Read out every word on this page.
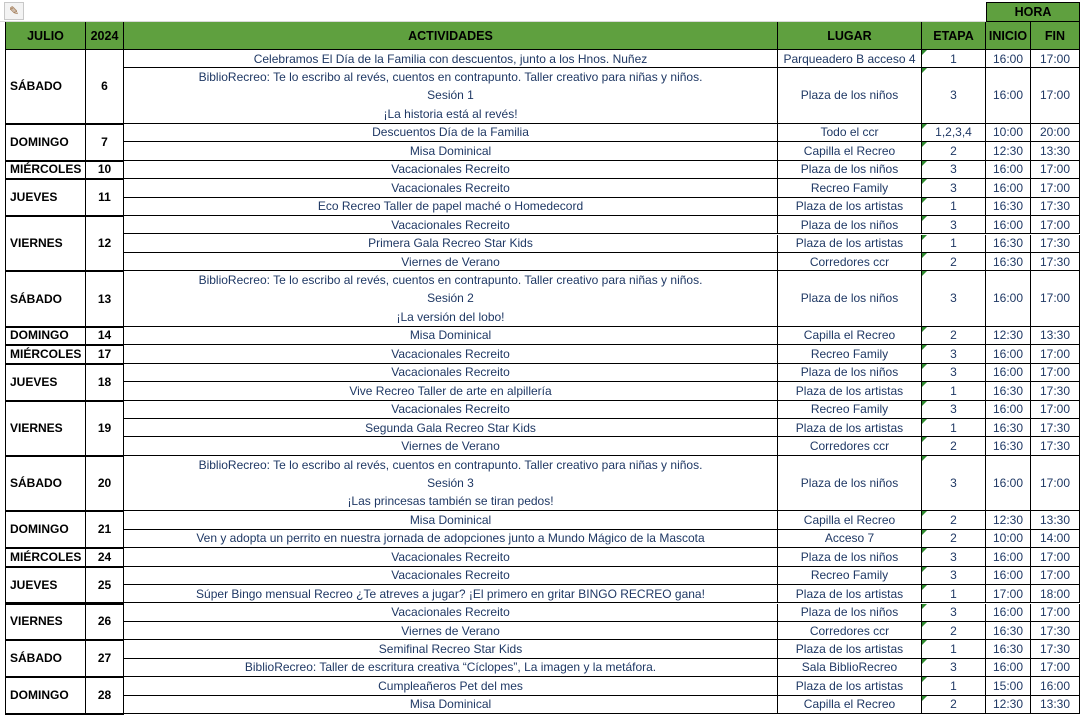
✎	HORA
JULIO 2024	ACTIVIDADES	LUGAR	ETAPA INICIO FIN
SÁBADO	6
Celebramos El Día de la Familia con descuentos, junto a los Hnos. Nuñez	Parqueadero B acceso 4	1	16:00 17:00
BiblioRecreo: Te lo escribo al revés, cuentos en contrapunto. Taller creativo para niñas y niños.
Sesión 1
¡La historia está al revés!
Plaza de los niños	3	16:00 17:00
DOMINGO	7
Descuentos Día de la Familia	Todo el ccr	1,2,3,4 10:00 20:00
Misa Dominical	Capilla el Recreo	2	12:30 13:30
MIÉRCOLES 10	Vacacionales Recreito	Plaza de los niños	3	16:00 17:00
JUEVES	11
Vacacionales Recreito	Recreo Family	3	16:00 17:00
Eco Recreo Taller de papel maché o Homedecord	Plaza de los artistas	1	16:30 17:30
VIERNES	12
Vacacionales Recreito	Plaza de los niños	3	16:00 17:00
Primera Gala Recreo Star Kids	Plaza de los artistas	1	16:30 17:30
Viernes de Verano	Corredores ccr	2	16:30 17:30
SÁBADO	13
BiblioRecreo: Te lo escribo al revés, cuentos en contrapunto. Taller creativo para niñas y niños.
Sesión 2
¡La versión del lobo!
Plaza de los niños	3	16:00 17:00
DOMINGO 14	Misa Dominical	Capilla el Recreo	2	12:30 13:30
MIÉRCOLES 17	Vacacionales Recreito	Recreo Family	3	16:00 17:00
JUEVES	18
Vacacionales Recreito	Plaza de los niños	3	16:00 17:00
Vive Recreo Taller de arte en alpillería	Plaza de los artistas	1	16:30 17:30
VIERNES	19
Vacacionales Recreito	Recreo Family	3	16:00 17:00
Segunda Gala Recreo Star Kids	Plaza de los artistas	1	16:30 17:30
Viernes de Verano	Corredores ccr	2	16:30 17:30
SÁBADO	20
BiblioRecreo: Te lo escribo al revés, cuentos en contrapunto. Taller creativo para niñas y niños.
Sesión 3
¡Las princesas también se tiran pedos!
Plaza de los niños	3	16:00 17:00
DOMINGO 21
Misa Dominical	Capilla el Recreo	2	12:30 13:30
Ven y adopta un perrito en nuestra jornada de adopciones junto a Mundo Mágico de la Mascota	Acceso 7	2	10:00 14:00
MIÉRCOLES 24	Vacacionales Recreito	Plaza de los niños	3	16:00 17:00
JUEVES	25
Vacacionales Recreito	Recreo Family	3	16:00 17:00
Súper Bingo mensual Recreo ¿Te atreves a jugar? ¡El primero en gritar BINGO RECREO gana!	Plaza de los artistas	1	17:00 18:00
VIERNES	26
Vacacionales Recreito	Plaza de los niños	3	16:00 17:00
Viernes de Verano	Corredores ccr	2	16:30 17:30
SÁBADO	27
Semifinal Recreo Star Kids	Plaza de los artistas	1	16:30 17:30
BiblioRecreo: Taller de escritura creativa “Cíclopes”, La imagen y la metáfora.	Sala BiblioRecreo	3	16:00 17:00
DOMINGO 28
Cumpleañeros Pet del mes	Plaza de los artistas	1	15:00 16:00
Misa Dominical	Capilla el Recreo	2	12:30 13:30
